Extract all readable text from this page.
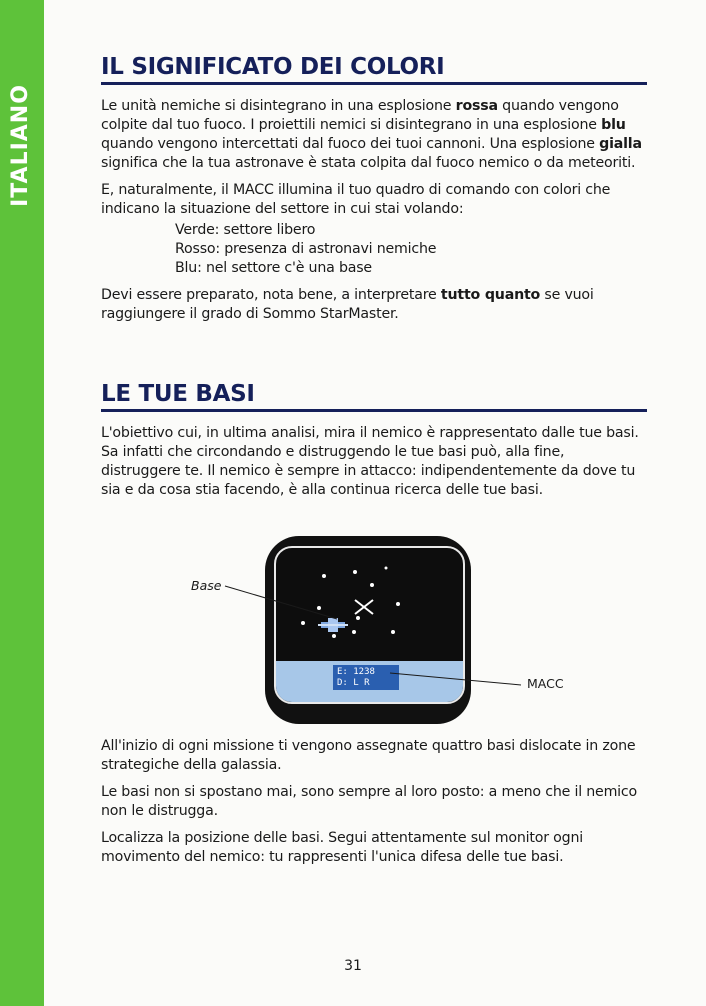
ITALIANO
IL SIGNIFICATO DEI COLORI

Le unità nemiche si disintegrano in una esplosione rossa quando vengono colpite dal tuo fuoco. I proiettili nemici si disintegrano in una esplosione blu quando vengono intercettati dal fuoco dei tuoi cannoni. Una esplosione gialla significa che la tua astronave è stata colpita dal fuoco nemico o da meteoriti.

E, naturalmente, il MACC illumina il tuo quadro di comando con colori che indicano la situazione del settore in cui stai volando:

Verde: settore libero
Rosso: presenza di astronavi nemiche
Blu: nel settore c'è una base

Devi essere preparato, nota bene, a interpretare tutto quanto se vuoi raggiungere il grado di Sommo StarMaster.

LE TUE BASI

L'obiettivo cui, in ultima analisi, mira il nemico è rappresentato dalle tue basi. Sa infatti che circondando e distruggendo le tue basi può, alla fine, distruggere te. Il nemico è sempre in attacco: indipendentemente da dove tu sia e da cosa stia facendo, è alla continua ricerca delle tue basi.

E: 1238
D: L R
Base
MACC

All'inizio di ogni missione ti vengono assegnate quattro basi dislocate in zone strategiche della galassia.

Le basi non si spostano mai, sono sempre al loro posto: a meno che il nemico non le distrugga.

Localizza la posizione delle basi. Segui attentamente sul monitor ogni movimento del nemico: tu rappresenti l'unica difesa delle tue basi.

31
